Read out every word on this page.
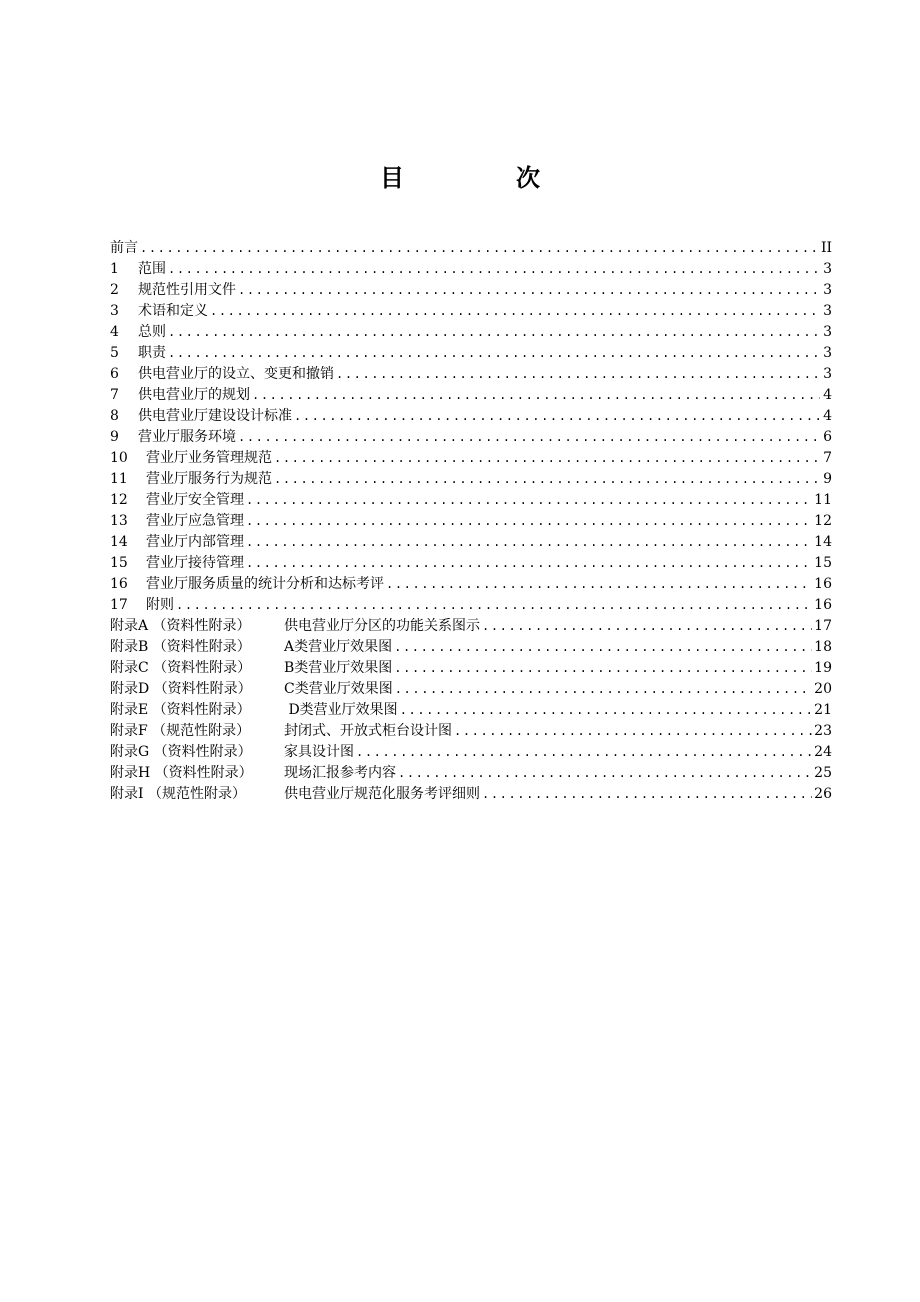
目　次
前言 .....	II
1 范围 .....	3
2 规范性引用文件 .....	3
3 术语和定义 .....	3
4 总则 .....	3
5 职责 .....	3
6 供电营业厅的设立、变更和撤销 .....	3
7 供电营业厅的规划 .....	4
8 供电营业厅建设设计标准 .....	4
9 营业厅服务环境 .....	6
10 营业厅业务管理规范 .....	7
11 营业厅服务行为规范 .....	9
12 营业厅安全管理 .....	11
13 营业厅应急管理 .....	12
14 营业厅内部管理 .....	14
15 营业厅接待管理 .....	15
16 营业厅服务质量的统计分析和达标考评 .....	16
17 附则 .....	16
附录A （资料性附录） 供电营业厅分区的功能关系图示 .....	17
附录B （资料性附录） A类营业厅效果图 .....	18
附录C （资料性附录） B类营业厅效果图 .....	19
附录D （资料性附录） C类营业厅效果图 .....	20
附录E （资料性附录） D类营业厅效果图 .....	21
附录F （规范性附录） 封闭式、开放式柜台设计图 .....	23
附录G （资料性附录） 家具设计图 .....	24
附录H （资料性附录） 现场汇报参考内容 .....	25
附录I （规范性附录）	供电营业厅规范化服务考评细则 .....	26
